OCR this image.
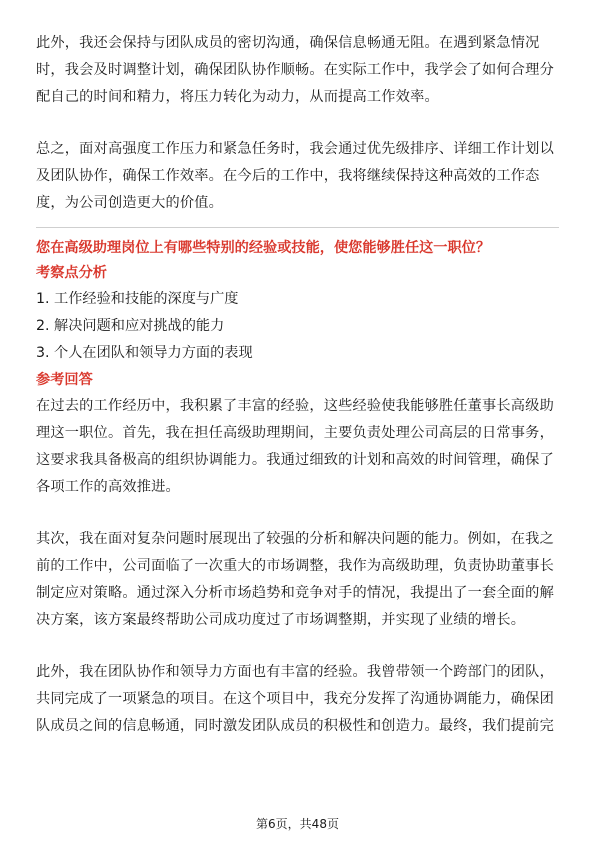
此外，我还会保持与团队成员的密切沟通，确保信息畅通无阻。在遇到紧急情况时，我会及时调整计划，确保团队协作顺畅。在实际工作中，我学会了如何合理分配自己的时间和精力，将压力转化为动力，从而提高工作效率。

总之，面对高强度工作压力和紧急任务时，我会通过优先级排序、详细工作计划以及团队协作，确保工作效率。在今后的工作中，我将继续保持这种高效的工作态度，为公司创造更大的价值。

您在高级助理岗位上有哪些特别的经验或技能，使您能够胜任这一职位？

考察点分析

1. 工作经验和技能的深度与广度

2. 解决问题和应对挑战的能力

3. 个人在团队和领导力方面的表现

参考回答

在过去的工作经历中，我积累了丰富的经验，这些经验使我能够胜任董事长高级助理这一职位。首先，我在担任高级助理期间，主要负责处理公司高层的日常事务，这要求我具备极高的组织协调能力。我通过细致的计划和高效的时间管理，确保了各项工作的高效推进。

其次，我在面对复杂问题时展现出了较强的分析和解决问题的能力。例如，在我之前的工作中，公司面临了一次重大的市场调整，我作为高级助理，负责协助董事长制定应对策略。通过深入分析市场趋势和竞争对手的情况，我提出了一套全面的解决方案，该方案最终帮助公司成功度过了市场调整期，并实现了业绩的增长。

此外，我在团队协作和领导力方面也有丰富的经验。我曾带领一个跨部门的团队，共同完成了一项紧急的项目。在这个项目中，我充分发挥了沟通协调能力，确保团队成员之间的信息畅通，同时激发团队成员的积极性和创造力。最终，我们提前完

第6页，共48页
